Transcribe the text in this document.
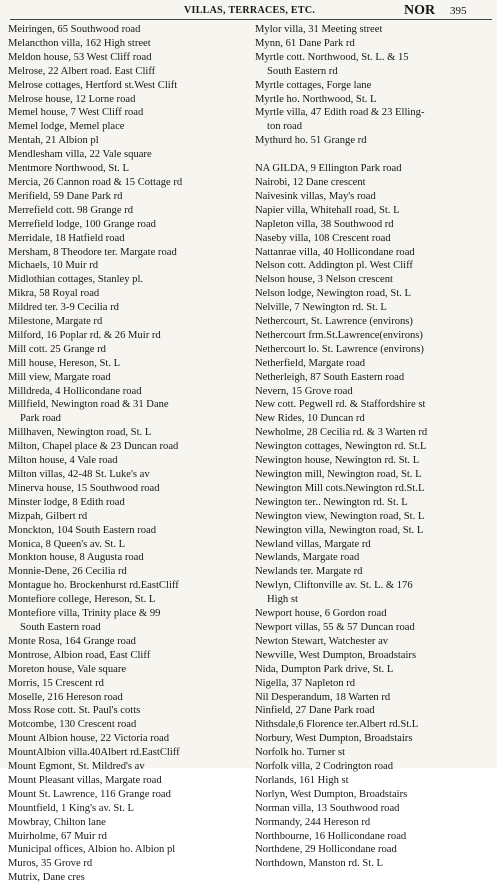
VILLAS, TERRACES, ETC.	NOR 395
Meiringen, 65 Southwood road
Melancthon villa, 162 High street
Meldon house, 53 West Cliff road
Melrose, 22 Albert road. East Cliff
Melrose cottages, Hertford st.West Clift
Melrose house, 12 Lorne road
Memel house, 7 West Cliff road
Memel lodge, Memel place
Mentah, 21 Albion pl
Mendlesham villa, 22 Vale square
Mentmore Northwood, St. L
Mercia, 26 Cannon road & 15 Cottage rd
Merifield, 59 Dane Park rd
Merrefield cott. 98 Grange rd
Merrefield lodge, 100 Grange road
Merridale, 18 Hatfield road
Mersham, 8 Theodore ter. Margate road
Michaels, 10 Muir rd
Midlothian cottages, Stanley pl.
Mikra, 58 Royal road
Mildred ter. 3-9 Cecilia rd
Milestone, Margate rd
Milford, 16 Poplar rd. & 26 Muir rd
Mill cott. 25 Grange rd
Mill house, Hereson, St. L
Mill view, Margate road
Milldreda, 4 Hollicondane road
Millfield, Newington road & 31 Dane
Park road
Millhaven, Newington road, St. L
Milton, Chapel place & 23 Duncan road
Milton house, 4 Vale road
Milton villas, 42-48 St. Luke's av
Minerva house, 15 Southwood road
Minster lodge, 8 Edith road
Mizpah, Gilbert rd
Monckton, 104 South Eastern road
Monica, 8 Queen's av. St. L
Monkton house, 8 Augusta road
Monnie-Dene, 26 Cecilia rd
Montague ho. Brockenhurst rd.EastCliff
Montefiore college, Hereson, St. L
Montefiore villa, Trinity place & 99
South Eastern road
Monte Rosa, 164 Grange road
Montrose, Albion road, East Cliff
Moreton house, Vale square
Morris, 15 Crescent rd
Moselle, 216 Hereson road
Moss Rose cott. St. Paul's cotts
Motcombe, 130 Crescent road
Mount Albion house, 22 Victoria road
MountAlbion villa.40Albert rd.EastCliff
Mount Egmont, St. Mildred's av
Mount Pleasant villas, Margate road
Mount St. Lawrence, 116 Grange road
Mountfield, 1 King's av. St. L
Mowbray, Chilton lane
Muirholme, 67 Muir rd
Municipal offices, Albion ho. Albion pl
Muros, 35 Grove rd
Mutrix, Dane cres
Mylor villa, 31 Meeting street
Mynn, 61 Dane Park rd
Myrtle cott. Northwood, St. L. & 15
South Eastern rd
Myrtle cottages, Forge lane
Myrtle ho. Northwood, St. L
Myrtle villa, 47 Edith road & 23 Elling-
ton road
Mythurd ho. 51 Grange rd

NA GILDA, 9 Ellington Park road
Nairobi, 12 Dane crescent
Naivesink villas, May's road
Napier villa, Whitehall road, St. L
Napleton villa, 38 Southwood rd
Naseby villa, 108 Crescent road
Nattanrae villa, 40 Hollicondane road
Nelson cott. Addington pl. West Cliff
Nelson house, 3 Nelson crescent
Nelson lodge, Newington road, St. L
Nelville, 7 Newington rd. St. L
Nethercourt, St. Lawrence (environs)
Nethercourt frm.St.Lawrence(environs)
Nethercourt lo. St. Lawrence (environs)
Netherfield, Margate road
Netherleigh, 87 South Eastern road
Nevern, 15 Grove road
New cott. Pegwell rd. & Staffordshire st
New Rides, 10 Duncan rd
Newholme, 28 Cecilia rd. & 3 Warten rd
Newington cottages, Newington rd. St.L
Newington house, Newington rd. St. L
Newington mill, Newington road, St. L
Newington Mill cots.Newington rd.St.L
Newington ter.. Newington rd. St. L
Newington view, Newington road, St. L
Newington villa, Newington road, St. L
Newland villas, Margate rd
Newlands, Margate road
Newlands ter. Margate rd
Newlyn, Cliftonville av. St. L. & 176
High st
Newport house, 6 Gordon road
Newport villas, 55 & 57 Duncan road
Newton Stewart, Watchester av
Newville, West Dumpton, Broadstairs
Nida, Dumpton Park drive, St. L
Nigella, 37 Napleton rd
Nil Desperandum, 18 Warten rd
Ninfield, 27 Dane Park road
Nithsdale,6 Florence ter.Albert rd.St.L
Norbury, West Dumpton, Broadstairs
Norfolk ho. Turner st
Norfolk villa, 2 Codrington road
Norlands, 161 High st
Norlyn, West Dumpton, Broadstairs
Norman villa, 13 Southwood road
Normandy, 244 Hereson rd
Northbourne, 16 Hollicondane road
Northdene, 29 Hollicondane road
Northdown, Manston rd. St. L
